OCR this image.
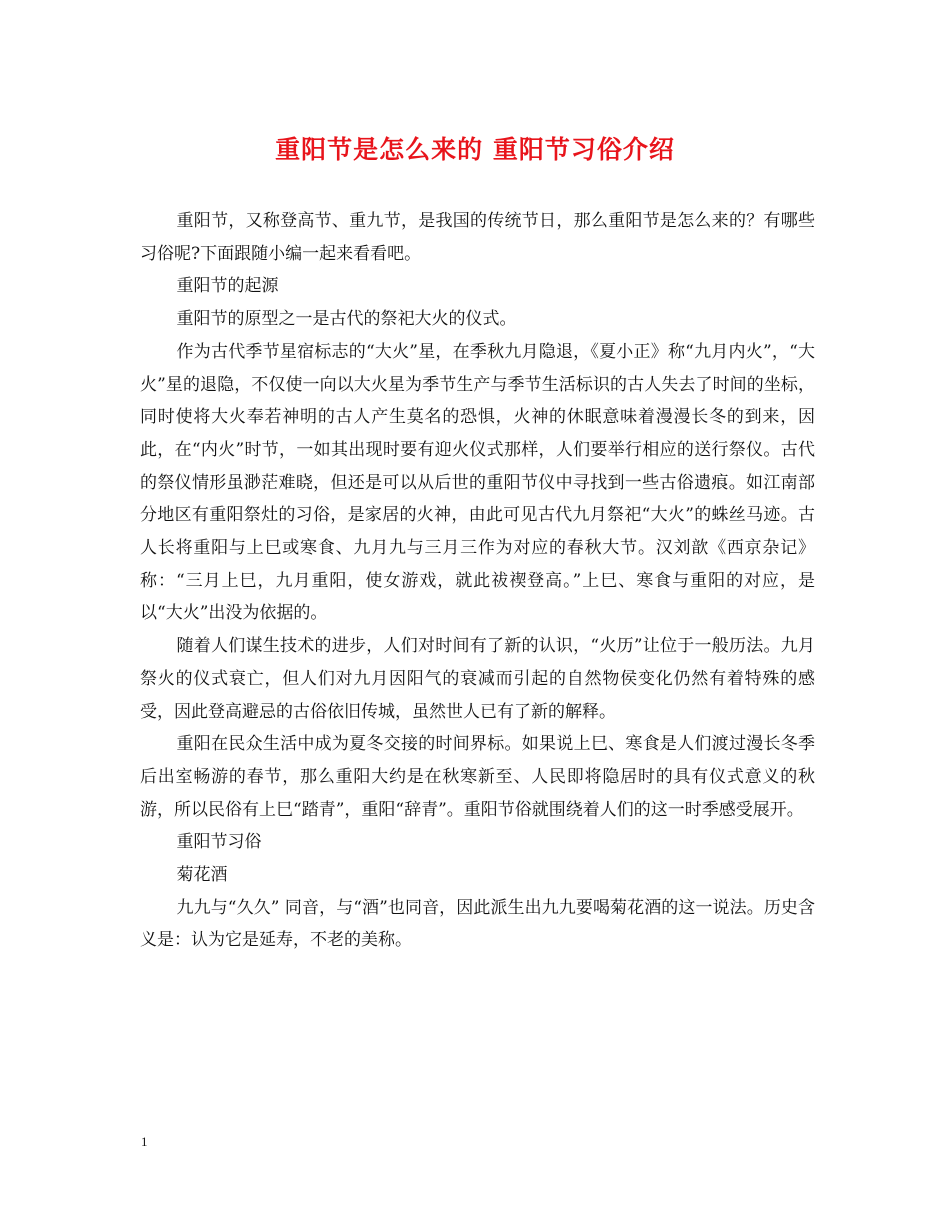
重阳节是怎么来的 重阳节习俗介绍

重阳节，又称登高节、重九节，是我国的传统节日，那么重阳节是怎么来的？有哪些习俗呢?下面跟随小编一起来看看吧。

重阳节的起源

重阳节的原型之一是古代的祭祀大火的仪式。

作为古代季节星宿标志的“大火”星，在季秋九月隐退，《夏小正》称“九月内火”，“大火”星的退隐，不仅使一向以大火星为季节生产与季节生活标识的古人失去了时间的坐标，同时使将大火奉若神明的古人产生莫名的恐惧，火神的休眠意味着漫漫长冬的到来，因此，在“内火”时节，一如其出现时要有迎火仪式那样，人们要举行相应的送行祭仪。古代的祭仪情形虽渺茫难晓，但还是可以从后世的重阳节仪中寻找到一些古俗遗痕。如江南部分地区有重阳祭灶的习俗，是家居的火神，由此可见古代九月祭祀“大火”的蛛丝马迹。古人长将重阳与上巳或寒食、九月九与三月三作为对应的春秋大节。汉刘歆《西京杂记》称：“三月上巳，九月重阳，使女游戏，就此祓禊登高。”上巳、寒食与重阳的对应，是以“大火”出没为依据的。

随着人们谋生技术的进步，人们对时间有了新的认识，“火历”让位于一般历法。九月祭火的仪式衰亡，但人们对九月因阳气的衰减而引起的自然物侯变化仍然有着特殊的感受，因此登高避忌的古俗依旧传城，虽然世人已有了新的解释。

重阳在民众生活中成为夏冬交接的时间界标。如果说上巳、寒食是人们渡过漫长冬季后出室畅游的春节，那么重阳大约是在秋寒新至、人民即将隐居时的具有仪式意义的秋游，所以民俗有上巳“踏青”，重阳“辞青”。重阳节俗就围绕着人们的这一时季感受展开。

重阳节习俗

菊花酒

九九与“久久” 同音，与“酒”也同音，因此派生出九九要喝菊花酒的这一说法。历史含义是：认为它是延寿，不老的美称。

1
